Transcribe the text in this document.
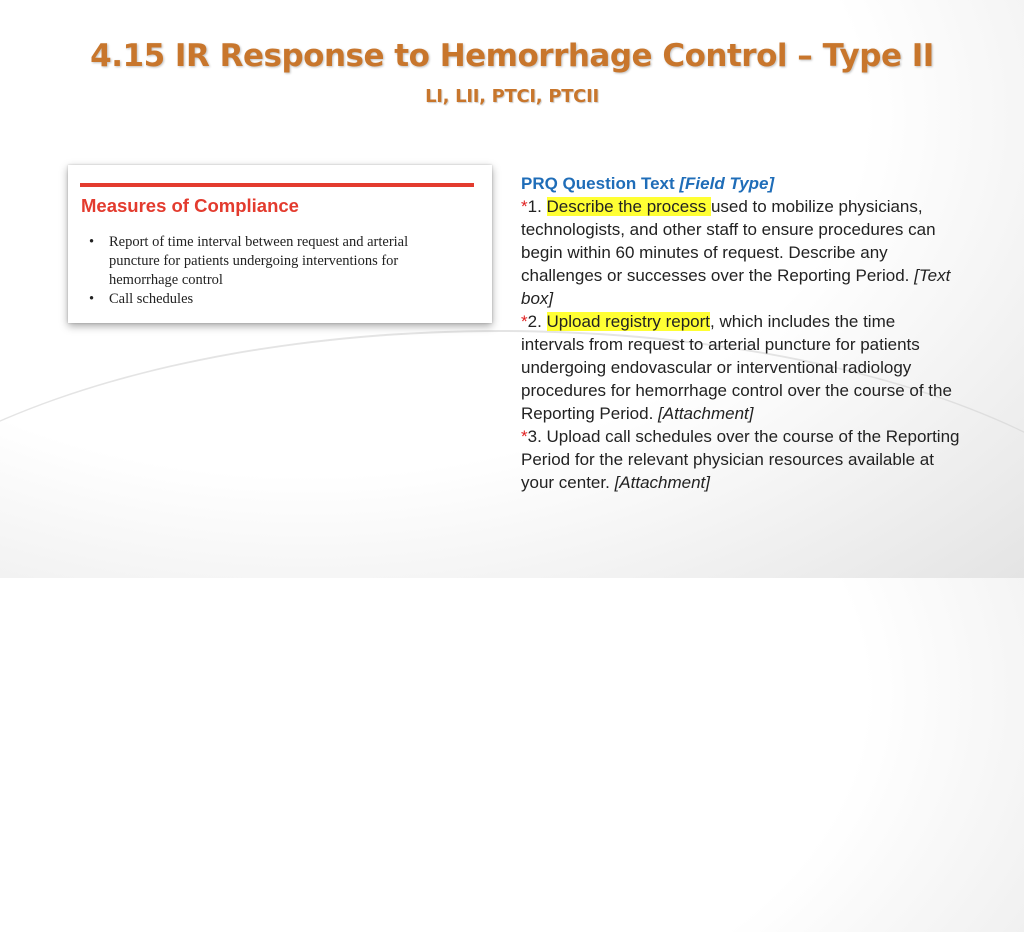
4.15 IR Response to Hemorrhage Control – Type II
LI, LII, PTCI, PTCII
Measures of Compliance
• Report of time interval between request and arterial puncture for patients undergoing interventions for hemorrhage control
• Call schedules
PRQ Question Text [Field Type]
*1. Describe the process used to mobilize physicians, technologists, and other staff to ensure procedures can begin within 60 minutes of request. Describe any challenges or successes over the Reporting Period. [Text box]
*2. Upload registry report, which includes the time intervals from request to arterial puncture for patients undergoing endovascular or interventional radiology procedures for hemorrhage control over the course of the Reporting Period. [Attachment]
*3. Upload call schedules over the course of the Reporting Period for the relevant physician resources available at your center. [Attachment]
